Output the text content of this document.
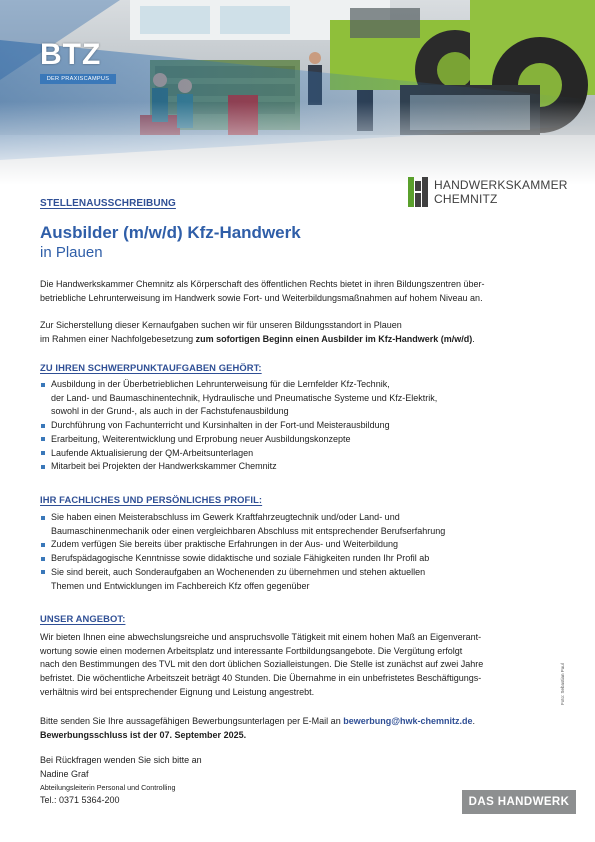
BTZ
DER PRAXISCAMPUS
HANDWERKSKAMMER
CHEMNITZ
STELLENAUSSCHREIBUNG
Ausbilder (m/w/d) Kfz-Handwerk
in Plauen
Die Handwerkskammer Chemnitz als Körperschaft des öffentlichen Rechts bietet in ihren Bildungszentren über-
betriebliche Lehrunterweisung im Handwerk sowie Fort- und Weiterbildungsmaßnahmen auf hohem Niveau an.
Zur Sicherstellung dieser Kernaufgaben suchen wir für unseren Bildungsstandort in Plauen
im Rahmen einer Nachfolgebesetzung zum sofortigen Beginn einen Ausbilder im Kfz-Handwerk (m/w/d).
ZU IHREN SCHWERPUNKTAUFGABEN GEHÖRT:
Ausbildung in der Überbetrieblichen Lehrunterweisung für die Lernfelder Kfz-Technik,
der Land- und Baumaschinentechnik, Hydraulische und Pneumatische Systeme und Kfz-Elektrik,
sowohl in der Grund-, als auch in der Fachstufenausbildung
Durchführung von Fachunterricht und Kursinhalten in der Fort-und Meisterausbildung
Erarbeitung, Weiterentwicklung und Erprobung neuer Ausbildungskonzepte
Laufende Aktualisierung der QM-Arbeitsunterlagen
Mitarbeit bei Projekten der Handwerkskammer Chemnitz
IHR FACHLICHES UND PERSÖNLICHES PROFIL:
Sie haben einen Meisterabschluss im Gewerk Kraftfahrzeugtechnik und/oder Land- und
Baumaschinenmechanik oder einen vergleichbaren Abschluss mit entsprechender Berufserfahrung
Zudem verfügen Sie bereits über praktische Erfahrungen in der Aus- und Weiterbildung
Berufspädagogische Kenntnisse sowie didaktische und soziale Fähigkeiten runden Ihr Profil ab
Sie sind bereit, auch Sonderaufgaben an Wochenenden zu übernehmen und stehen aktuellen
Themen und Entwicklungen im Fachbereich Kfz offen gegenüber
UNSER ANGEBOT:
Wir bieten Ihnen eine abwechslungsreiche und anspruchsvolle Tätigkeit mit einem hohen Maß an Eigenverant-
wortung sowie einen modernen Arbeitsplatz und interessante Fortbildungsangebote. Die Vergütung erfolgt
nach den Bestimmungen des TVL mit den dort üblichen Sozialleistungen. Die Stelle ist zunächst auf zwei Jahre
befristet. Die wöchentliche Arbeitszeit beträgt 40 Stunden. Die Übernahme in ein unbefristetes Beschäftigungs-
verhältnis wird bei entsprechender Eignung und Leistung angestrebt.
Bitte senden Sie Ihre aussagefähigen Bewerbungsunterlagen per E-Mail an bewerbung@hwk-chemnitz.de.
Bewerbungsschluss ist der 07. September 2025.
Bei Rückfragen wenden Sie sich bitte an
Nadine Graf
Abteilungsleiterin Personal und Controlling
Tel.: 0371 5364-200
Foto: Sebastian Paul
DAS HANDWERK
